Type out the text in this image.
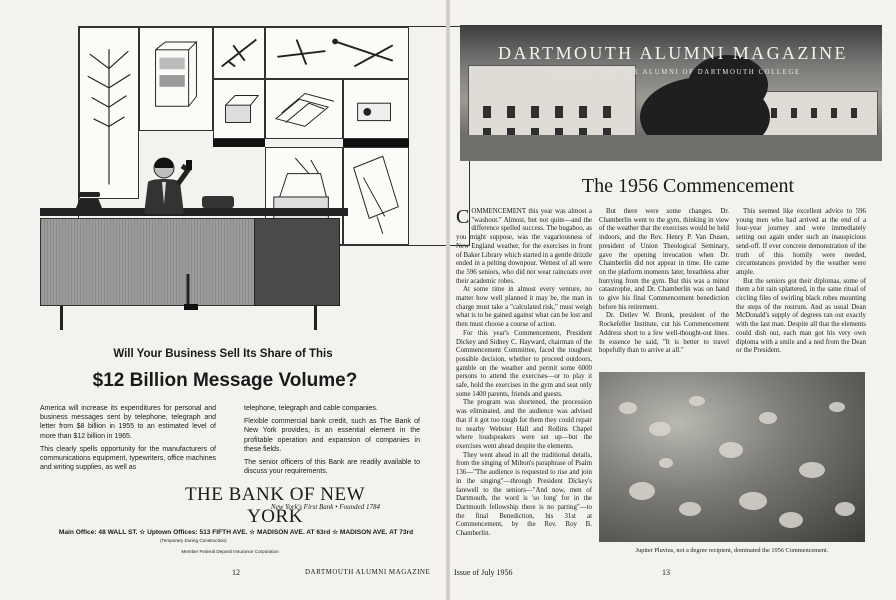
Will Your Business Sell Its Share of This
$12 Billion Message Volume?

America will increase its expenditures for personal and business messages sent by telephone, telegraph and letter from $8 billion in 1955 to an estimated level of more than $12 billion in 1965.

This clearly spells opportunity for the manufacturers of communications equipment, typewriters, office machines and writing supplies, as well as

telephone, telegraph and cable companies.

Flexible commercial bank credit, such as The Bank of New York provides, is an essential element in the profitable operation and expansion of companies in these fields.

The senior officers of this Bank are readily available to discuss your requirements.

THE BANK OF NEW YORK
New York's First Bank • Founded 1784
Main Office: 48 WALL ST. ☆ Uptown Offices: 513 FIFTH AVE. ☆ MADISON AVE. AT 63rd ☆ MADISON AVE. AT 73rd
(Temporary During Construction)
Member Federal Deposit Insurance Corporation
12	DARTMOUTH ALUMNI MAGAZINE
DARTMOUTH ALUMNI MAGAZINE
PUBLISHED FOR THE ALUMNI OF DARTMOUTH COLLEGE
The 1956 Commencement

COMMENCEMENT this year was almost a "washout." Almost, but not quite—and the difference spelled success. The bugaboo, as you might suppose, was the vagariousness of New England weather, for the exercises in front of Baker Library which started in a gentle drizzle ended in a pelting downpour. Wettest of all were the 596 seniors, who did not wear raincoats over their academic robes.

At some time in almost every venture, no matter how well planned it may be, the man in charge must take a "calculated risk," must weigh what is to be gained against what can be lost and then must choose a course of action.

For this year's Commencement, President Dickey and Sidney C. Hayward, chairman of the Commencement Committee, faced the toughest possible decision, whether to proceed outdoors, gamble on the weather and permit some 6000 persons to attend the exercises—or to play it safe, hold the exercises in the gym and seat only some 1400 parents, friends and guests.

The program was shortened, the procession was eliminated, and the audience was advised that if it got too tough for them they could repair to nearby Webster Hall and Rollins Chapel where loudspeakers were set up—but the exercises went ahead despite the elements.

They went ahead in all the traditional details, from the singing of Milton's paraphrase of Psalm 136—"The audience is requested to rise and join in the singing"—through President Dickey's farewell to the seniors—"And now, men of Dartmouth, the word is 'so long' for in the Dartmouth fellowship there is no parting"—to the final Benediction, his 31st at Commencement, by the Rev. Roy B. Chamberlin.

But there were some changes. Dr. Chamberlin went to the gym, thinking in view of the weather that the exercises would be held indoors, and the Rev. Henry P. Van Dusen, president of Union Theological Seminary, gave the opening invocation when Dr. Chamberlin did not appear in time. He came on the platform moments later, breathless after hurrying from the gym. But this was a minor catastrophe, and Dr. Chamberlin was on hand to give his final Commencement benediction before his retirement.

Dr. Detlev W. Bronk, president of the Rockefeller Institute, cut his Commencement Address short to a few well-thought-out lines. In essence he said, "It is better to travel hopefully than to arrive at all."

This seemed like excellent advice to 596 young men who had arrived at the end of a four-year journey and were immediately setting out again under such an inauspicious send-off. If ever concrete demonstration of the truth of this homily were needed, circumstances provided by the weather were ample.

But the seniors got their diplomas, some of them a bit rain splattered, in the same ritual of circling files of swirling black robes mounting the steps of the rostrum. And as usual Dean McDonald's supply of degrees ran out exactly with the last man. Despite all that the elements could dish out, each man got his very own diploma with a smile and a nod from the Dean or the President.

Jupiter Pluvius, not a degree recipient, dominated the 1956 Commencement.
Issue of July 1956	13
